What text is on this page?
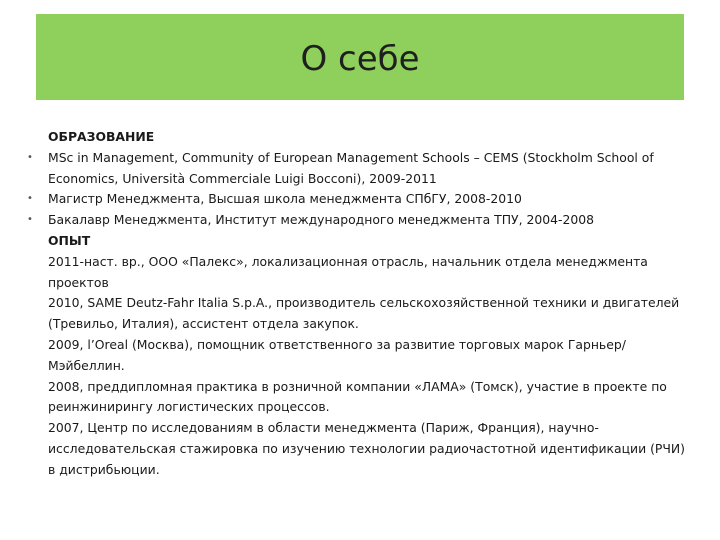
О себе
ОБРАЗОВАНИЕ
• MSc in Management, Community of European Management Schools – CEMS (Stockholm School of Economics, Università Commerciale Luigi Bocconi), 2009-2011
• Магистр Менеджмента, Высшая школа менеджмента СПбГУ, 2008-2010
• Бакалавр Менеджмента, Институт международного менеджмента ТПУ, 2004-2008
ОПЫТ
2011-наст. вр., ООО «Палекс», локализационная отрасль, начальник отдела менеджмента проектов
2010, SAME Deutz-Fahr Italia S.p.A., производитель сельскохозяйственной техники и двигателей (Тревильо, Италия), ассистент отдела закупок.
2009, l’Oreal (Москва), помощник ответственного за развитие торговых марок Гарньер/Мэйбеллин.
2008, преддипломная практика в розничной компании «ЛАМА» (Томск), участие в проекте по реинжинирингу логистических процессов.
2007, Центр по исследованиям в области менеджмента (Париж, Франция), научно-исследовательская стажировка по изучению технологии радиочастотной идентификации (РЧИ) в дистрибьюции.
